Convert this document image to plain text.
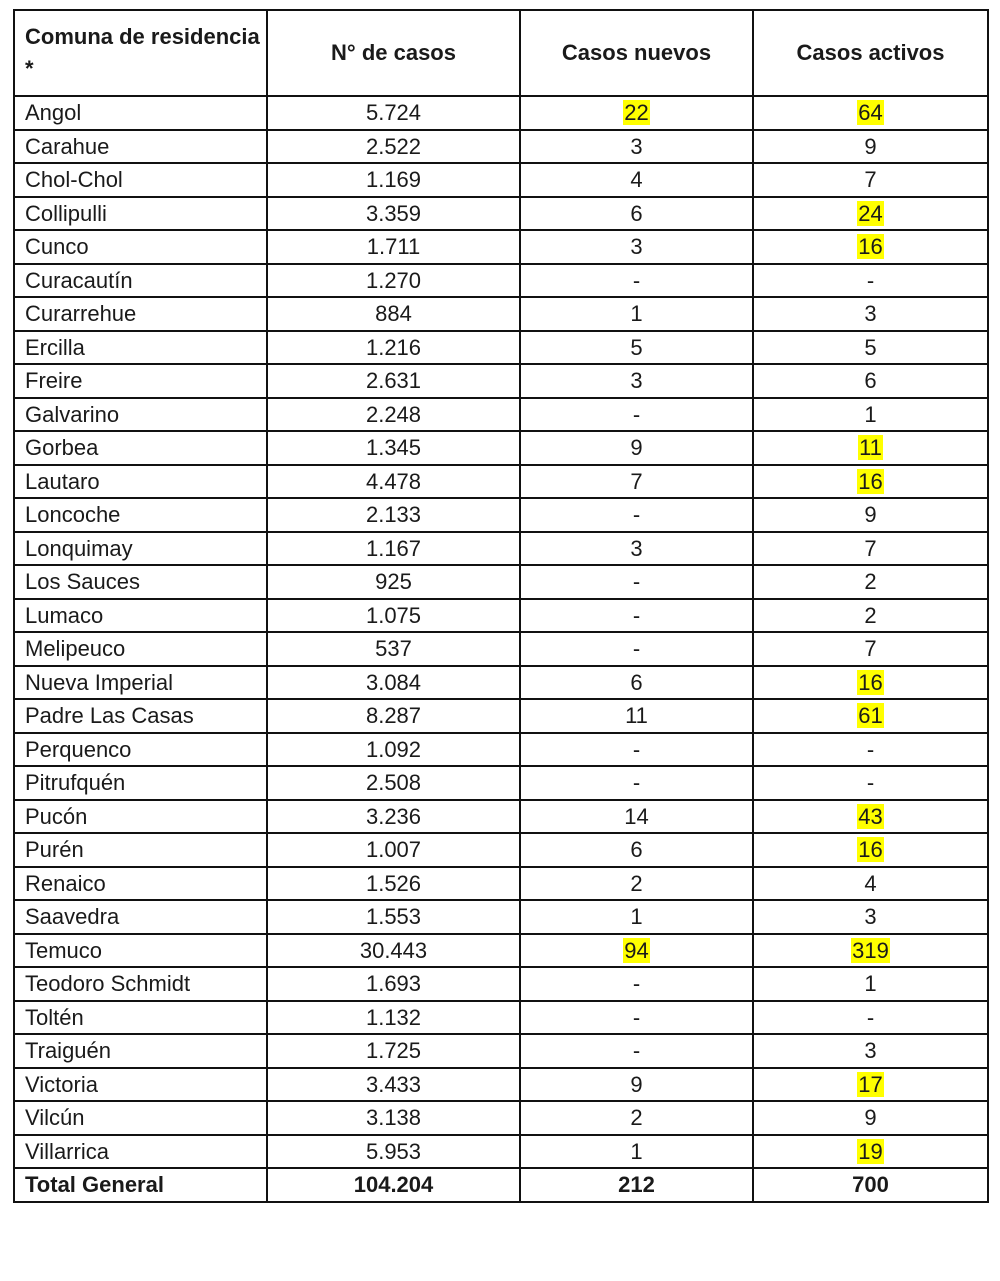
Comuna de residencia *	N° de casos	Casos nuevos	Casos activos
Angol	5.724	22	64
Carahue	2.522	3	9
Chol-Chol	1.169	4	7
Collipulli	3.359	6	24
Cunco	1.711	3	16
Curacautín	1.270	-	-
Curarrehue	884	1	3
Ercilla	1.216	5	5
Freire	2.631	3	6
Galvarino	2.248	-	1
Gorbea	1.345	9	11
Lautaro	4.478	7	16
Loncoche	2.133	-	9
Lonquimay	1.167	3	7
Los Sauces	925	-	2
Lumaco	1.075	-	2
Melipeuco	537	-	7
Nueva Imperial	3.084	6	16
Padre Las Casas	8.287	11	61
Perquenco	1.092	-	-
Pitrufquén	2.508	-	-
Pucón	3.236	14	43
Purén	1.007	6	16
Renaico	1.526	2	4
Saavedra	1.553	1	3
Temuco	30.443	94	319
Teodoro Schmidt	1.693	-	1
Toltén	1.132	-	-
Traiguén	1.725	-	3
Victoria	3.433	9	17
Vilcún	3.138	2	9
Villarrica	5.953	1	19
Total General	104.204	212	700
